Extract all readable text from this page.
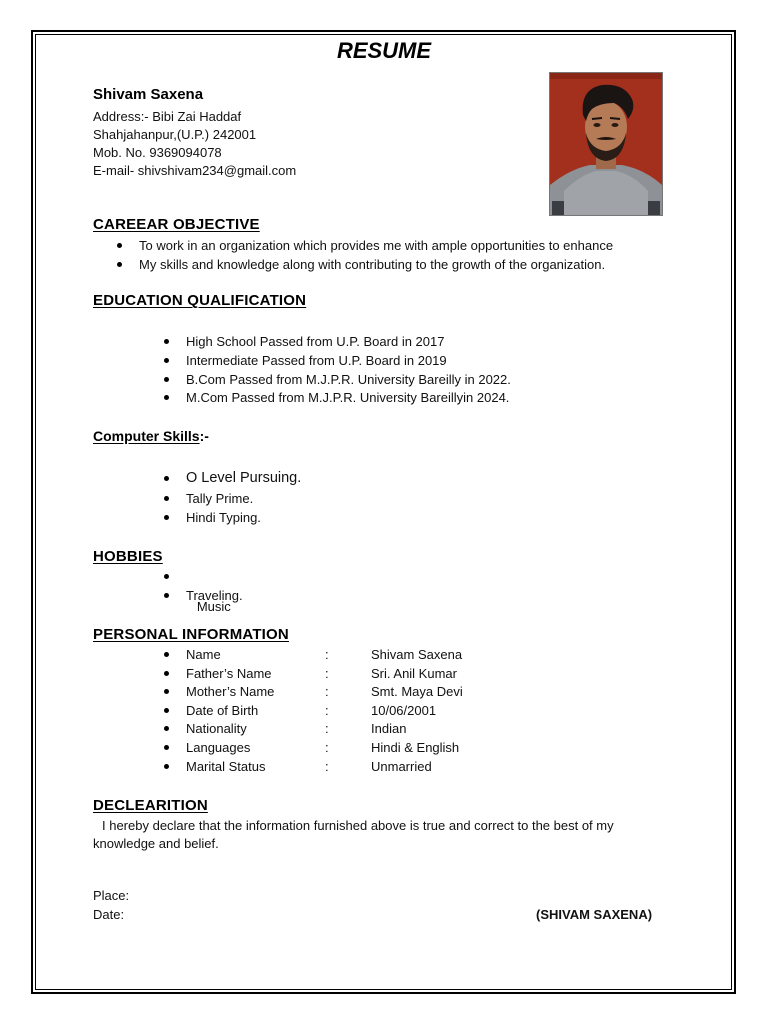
RESUME
Shivam Saxena
Address:- Bibi Zai Haddaf
Shahjahanpur,(U.P.) 242001
Mob. No. 9369094078
E-mail- shivshivam234@gmail.com
CAREEAR OBJECTIVE
To work in an organization which provides me with ample opportunities to enhance
My skills and knowledge along with contributing to the growth of the organization.
EDUCATION QUALIFICATION
High School Passed from U.P. Board in 2017
Intermediate Passed from U.P. Board in 2019
B.Com Passed from M.J.P.R. University Bareilly in 2022.
M.Com Passed from M.J.P.R. University Bareillyin 2024.
Computer Skills:-
O Level Pursuing.
Tally Prime.
Hindi Typing.
HOBBIES

Music

Traveling.
PERSONAL INFORMATION
Name	:	Shivam Saxena
Father’s Name	:	Sri. Anil Kumar
Mother’s Name	:	Smt. Maya Devi
Date of Birth	:	10/06/2001
Nationality	:	Indian
Languages	:	Hindi & English
Marital Status	:	Unmarried
DECLEARITION
I hereby declare that the information furnished above is true and correct to the best of my
knowledge and belief.
Place:
Date:	(SHIVAM SAXENA)
